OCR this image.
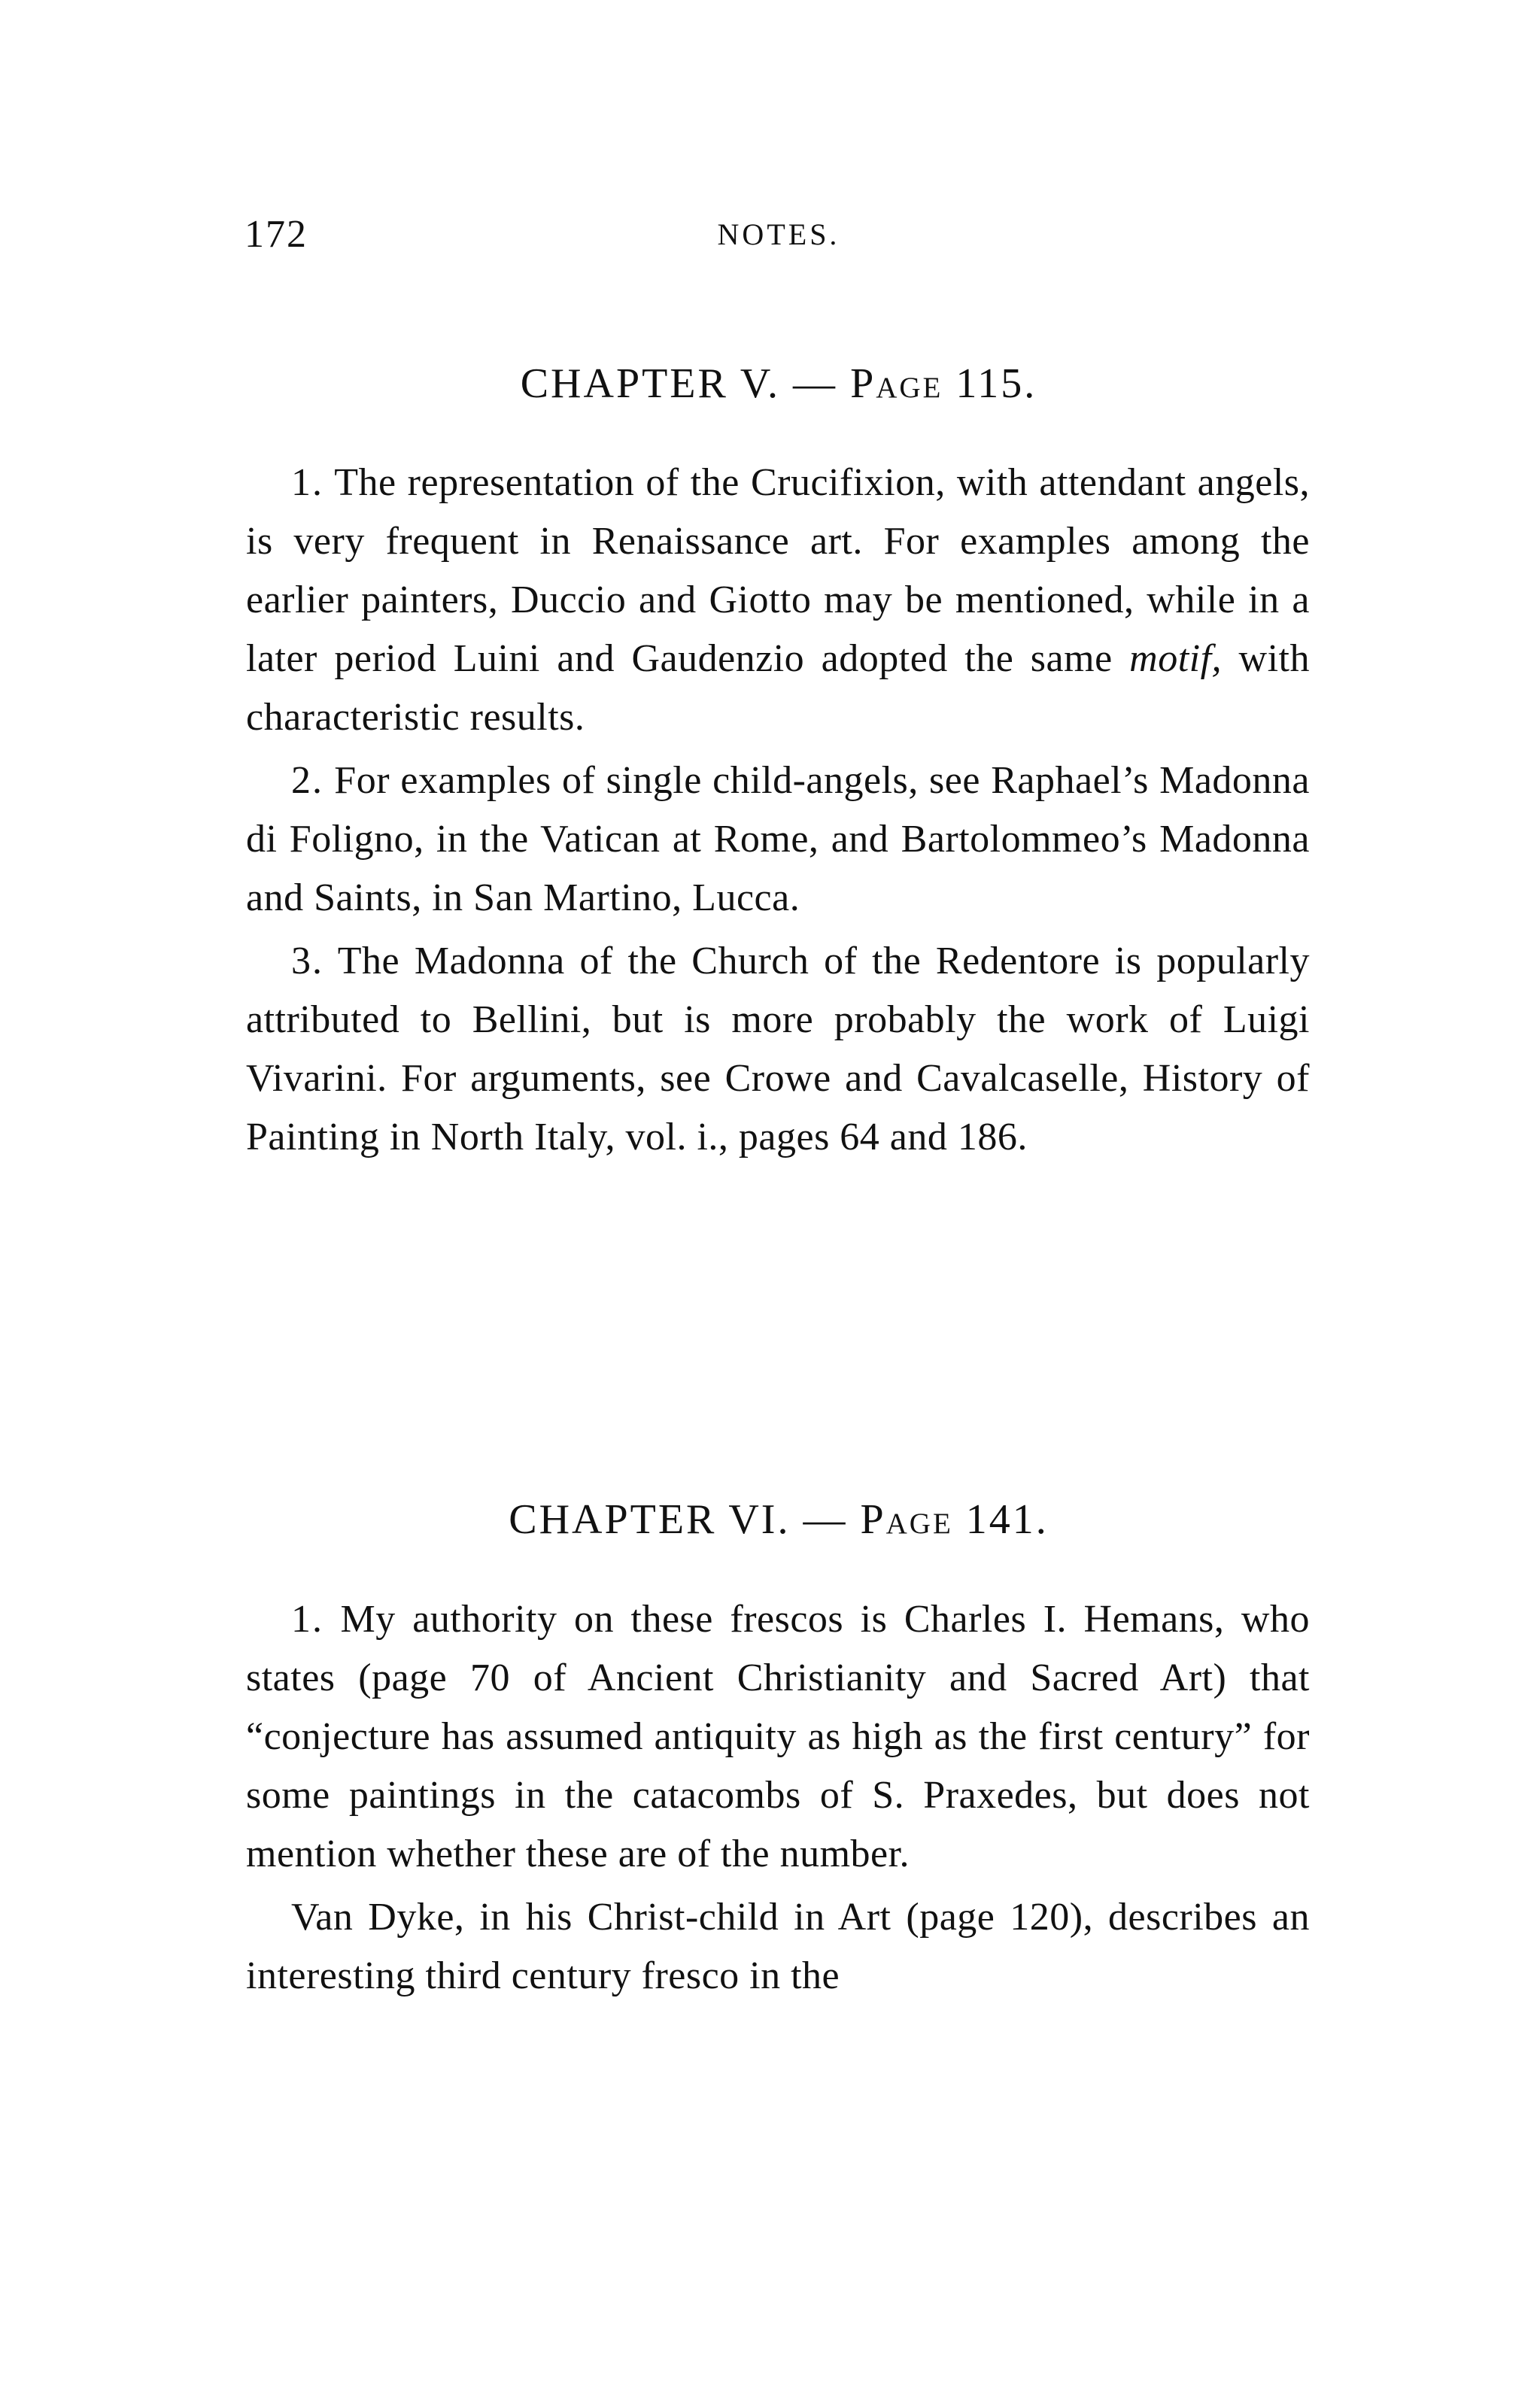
172	NOTES.
CHAPTER V. — Page 115.

1. The representation of the Crucifixion, with attendant angels, is very frequent in Renaissance art. For examples among the earlier painters, Duccio and Giotto may be mentioned, while in a later period Luini and Gaudenzio adopted the same motif, with characteristic results.

2. For examples of single child-angels, see Raphael’s Madonna di Foligno, in the Vatican at Rome, and Bartolommeo’s Madonna and Saints, in San Martino, Lucca.

3. The Madonna of the Church of the Redentore is popularly attributed to Bellini, but is more probably the work of Luigi Vivarini. For arguments, see Crowe and Cavalcaselle, History of Painting in North Italy, vol. i., pages 64 and 186.

CHAPTER VI. — Page 141.

1. My authority on these frescos is Charles I. Hemans, who states (page 70 of Ancient Christianity and Sacred Art) that “conjecture has assumed antiquity as high as the first century” for some paintings in the catacombs of S. Praxedes, but does not mention whether these are of the number.

Van Dyke, in his Christ-child in Art (page 120), describes an interesting third century fresco in the
